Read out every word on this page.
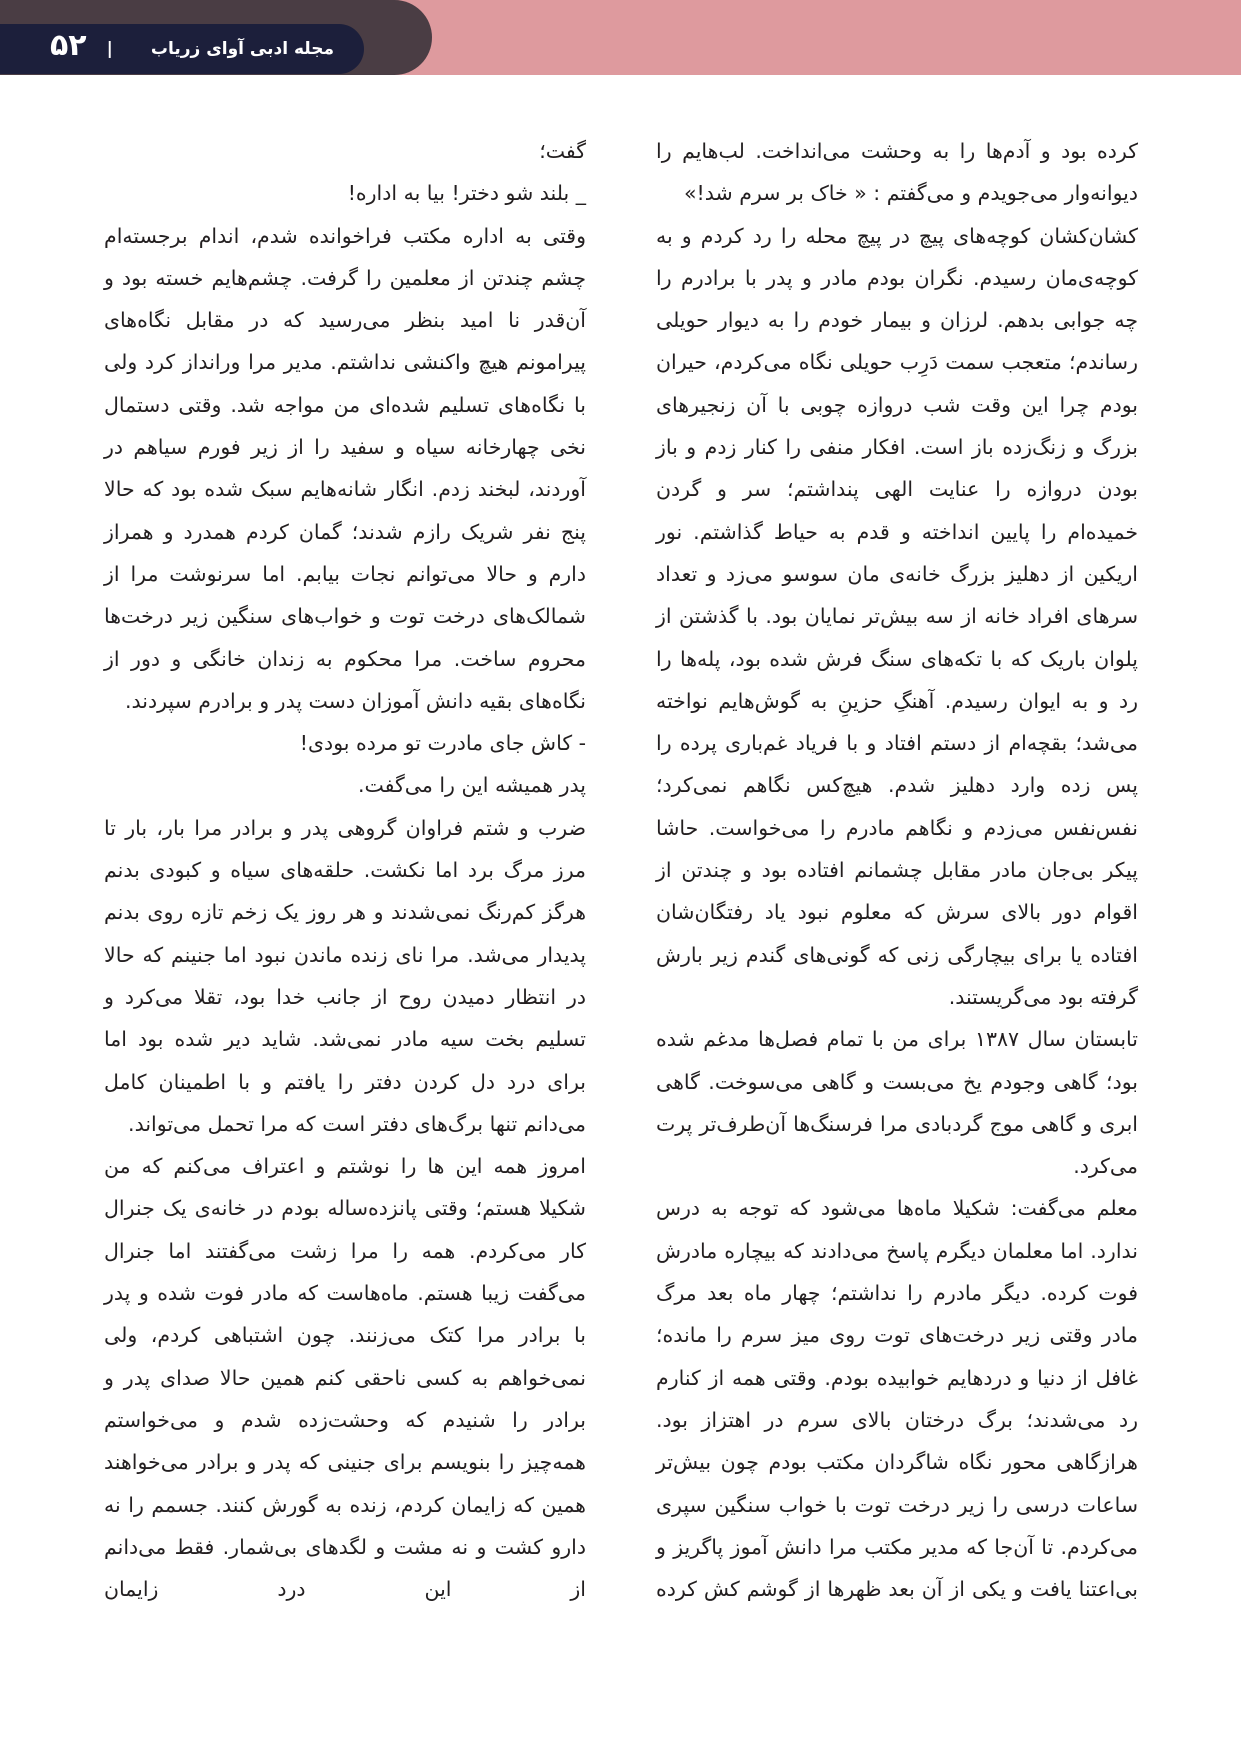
۵۲ | مجله ادبی آوای زریاب

کرده بود و آدم‌ها را به وحشت می‌انداخت. لب‌هایم را دیوانه‌وار می‌جویدم و می‌گفتم : « خاک بر سرم شد!»

کشان‌کشان کوچه‌های پیچ در پیچ محله را رد کردم و به کوچه‌ی‌مان رسیدم. نگران بودم مادر و پدر با برادرم را چه جوابی بدهم. لرزان و بیمار خودم را به دیوار حویلی رساندم؛ متعجب سمت دَرِب حویلی نگاه می‌کردم، حیران بودم چرا این وقت شب دروازه چوبی با آن زنجیرهای بزرگ و زنگ‌زده باز است. افکار منفی را کنار زدم و باز بودن دروازه را عنایت الهی پنداشتم؛ سر و گردن خمیده‌ام را پایین انداخته و قدم به حیاط گذاشتم. نور اریکین از دهلیز بزرگ خانه‌ی مان سوسو می‌زد و تعداد سرهای افراد خانه از سه بیش‌تر نمایان بود. با گذشتن از پلوان باریک که با تکه‌های سنگ فرش شده بود، پله‌ها را رد و به ایوان رسیدم. آهنگِ حزینِ به گوش‌هایم نواخته می‌شد؛ بقچه‌ام از دستم افتاد و با فریاد غم‌باری پرده را پس زده وارد دهلیز شدم. هیچ‌کس نگاهم نمی‌کرد؛ نفس‌نفس می‌زدم و نگاهم مادرم را می‌خواست. حاشا پیکر بی‌جان مادر مقابل چشمانم افتاده بود و چندتن از اقوام دور بالای سرش که معلوم نبود یاد رفتگان‌شان افتاده یا برای بیچارگی زنی که گونی‌های گندم زیر بارش گرفته بود می‌گریستند.

تابستان سال ۱۳۸۷ برای من با تمام فصل‌ها مدغم شده بود؛ گاهی وجودم یخ می‌بست و گاهی می‌سوخت. گاهی ابری و گاهی موج گردبادی مرا فرسنگ‌ها آن‌طرف‌تر پرت می‌کرد.

معلم می‌گفت: شکیلا ماه‌ها می‌شود که توجه به درس ندارد. اما معلمان دیگرم پاسخ می‌دادند که بیچاره مادرش فوت کرده. دیگر مادرم را نداشتم؛ چهار ماه بعد مرگ مادر وقتی زیر درخت‌های توت روی میز سرم را مانده؛ غافل از دنیا و دردهایم خوابیده بودم. وقتی همه از کنارم رد می‌شدند؛ برگ درختان بالای سرم در اهتزاز بود. هرازگاهی محور نگاه شاگردان مکتب بودم چون بیش‌تر ساعات درسی را زیر درخت توت با خواب سنگین سپری می‌کردم. تا آن‌جا که مدیر مکتب مرا دانش آموز پاگریز و بی‌اعتنا یافت و یکی از آن بعد ظهرها از گوشم کش کرده

گفت؛

_ بلند شو دختر! بیا به اداره!

وقتی به اداره مکتب فراخوانده شدم، اندام برجسته‌ام چشم چندتن از معلمین را گرفت. چشم‌هایم خسته بود و آن‌قدر نا امید بنظر می‌رسید که در مقابل نگاه‌های پیرامونم هیچ واکنشی نداشتم. مدیر مرا ورانداز کرد ولی با نگاه‌های تسلیم شده‌ای من مواجه شد. وقتی دستمال نخی چهارخانه سیاه و سفید را از زیر فورم سیاهم در آوردند، لبخند زدم. انگار شانه‌هایم سبک شده بود که حالا پنج نفر شریک رازم شدند؛ گمان کردم همدرد و همراز دارم و حالا می‌توانم نجات بیابم. اما سرنوشت مرا از شمالک‌های درخت توت و خواب‌های سنگین زیر درخت‌ها محروم ساخت. مرا محکوم به زندان خانگی و دور از نگاه‌های بقیه دانش آموزان دست پدر و برادرم سپردند.

- کاش جای مادرت تو مرده بودی!

پدر همیشه این را می‌گفت.

ضرب و شتم فراوان گروهی پدر و برادر مرا بار، بار تا مرز مرگ برد اما نکشت. حلقه‌های سیاه و کبودی بدنم هرگز کم‌رنگ نمی‌شدند و هر روز یک زخم تازه روی بدنم پدیدار می‌شد. مرا نای زنده ماندن نبود اما جنینم که حالا در انتظار دمیدن روح از جانب خدا بود، تقلا می‌کرد و تسلیم بخت سیه مادر نمی‌شد. شاید دیر شده بود اما برای درد دل کردن دفتر را یافتم و با اطمینان کامل می‌دانم تنها برگ‌های دفتر است که مرا تحمل می‌تواند.

امروز همه این ها را نوشتم و اعتراف می‌کنم که من شکیلا هستم؛ وقتی پانزده‌ساله بودم در خانه‌ی یک جنرال کار می‌کردم. همه را مرا زشت می‌گفتند اما جنرال می‌گفت زیبا هستم. ماه‌هاست که مادر فوت شده و پدر با برادر مرا کتک می‌زنند. چون اشتباهی کردم، ولی نمی‌خواهم به کسی ناحقی کنم همین حالا صدای پدر و برادر را شنیدم که وحشت‌زده شدم و می‌خواستم همه‌چیز را بنویسم برای جنینی که پدر و برادر می‌خواهند همین که زایمان کردم، زنده به گورش کنند. جسمم را نه دارو کشت و نه مشت و لگدهای بی‌شمار. فقط می‌دانم از این درد زایمان
